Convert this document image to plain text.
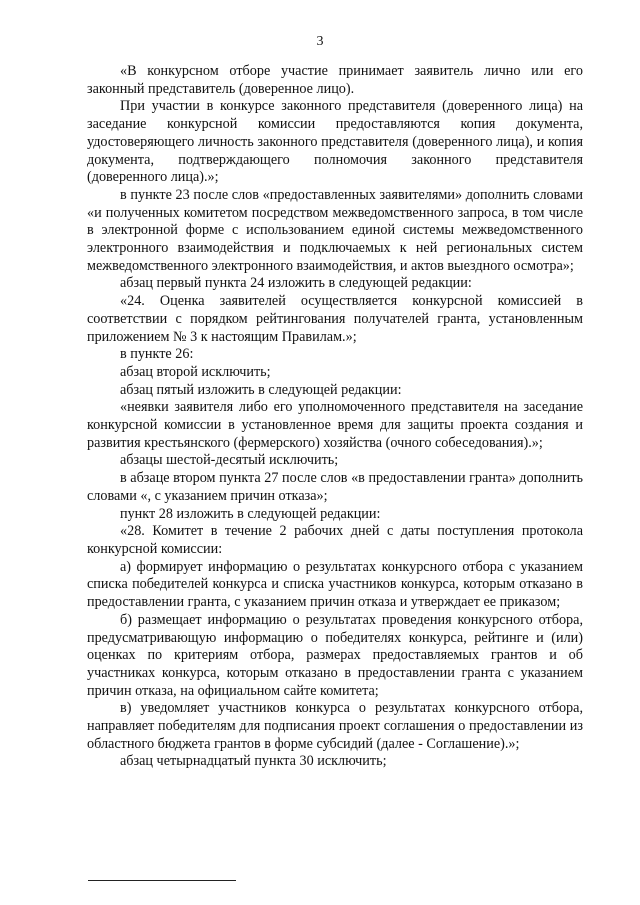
3

«В конкурсном отборе участие принимает заявитель лично или его законный представитель (доверенное лицо).

При участии в конкурсе законного представителя (доверенного лица) на заседание конкурсной комиссии предоставляются копия документа, удостоверяющего личность законного представителя (доверенного лица), и копия документа, подтверждающего полномочия законного представителя (доверенного лица).»;

в пункте 23 после слов «предоставленных заявителями» дополнить словами «и полученных комитетом посредством межведомственного запроса, в том числе в электронной форме с использованием единой системы межведомственного электронного взаимодействия и подключаемых к ней региональных систем межведомственного электронного взаимодействия, и актов выездного осмотра»;

абзац первый пункта 24 изложить в следующей редакции:

«24. Оценка заявителей осуществляется конкурсной комиссией в соответствии с порядком рейтингования получателей гранта, установленным приложением № 3 к настоящим Правилам.»;

в пункте 26:

абзац второй исключить;

абзац пятый изложить в следующей редакции:

«неявки заявителя либо его уполномоченного представителя на заседание конкурсной комиссии в установленное время для защиты проекта создания и развития крестьянского (фермерского) хозяйства (очного собеседования).»;

абзацы шестой-десятый исключить;

в абзаце втором пункта 27 после слов «в предоставлении гранта» дополнить словами «, с указанием причин отказа»;

пункт 28 изложить в следующей редакции:

«28. Комитет в течение 2 рабочих дней с даты поступления протокола конкурсной комиссии:

а) формирует информацию о результатах конкурсного отбора с указанием списка победителей конкурса и списка участников конкурса, которым отказано в предоставлении гранта, с указанием причин отказа и утверждает ее приказом;

б) размещает информацию о результатах проведения конкурсного отбора, предусматривающую информацию о победителях конкурса, рейтинге и (или) оценках по критериям отбора, размерах предоставляемых грантов и об участниках конкурса, которым отказано в предоставлении гранта с указанием причин отказа, на официальном сайте комитета;

в) уведомляет участников конкурса о результатах конкурсного отбора, направляет победителям для подписания проект соглашения о предоставлении из областного бюджета грантов в форме субсидий (далее - Соглашение).»;

абзац четырнадцатый пункта 30 исключить;
